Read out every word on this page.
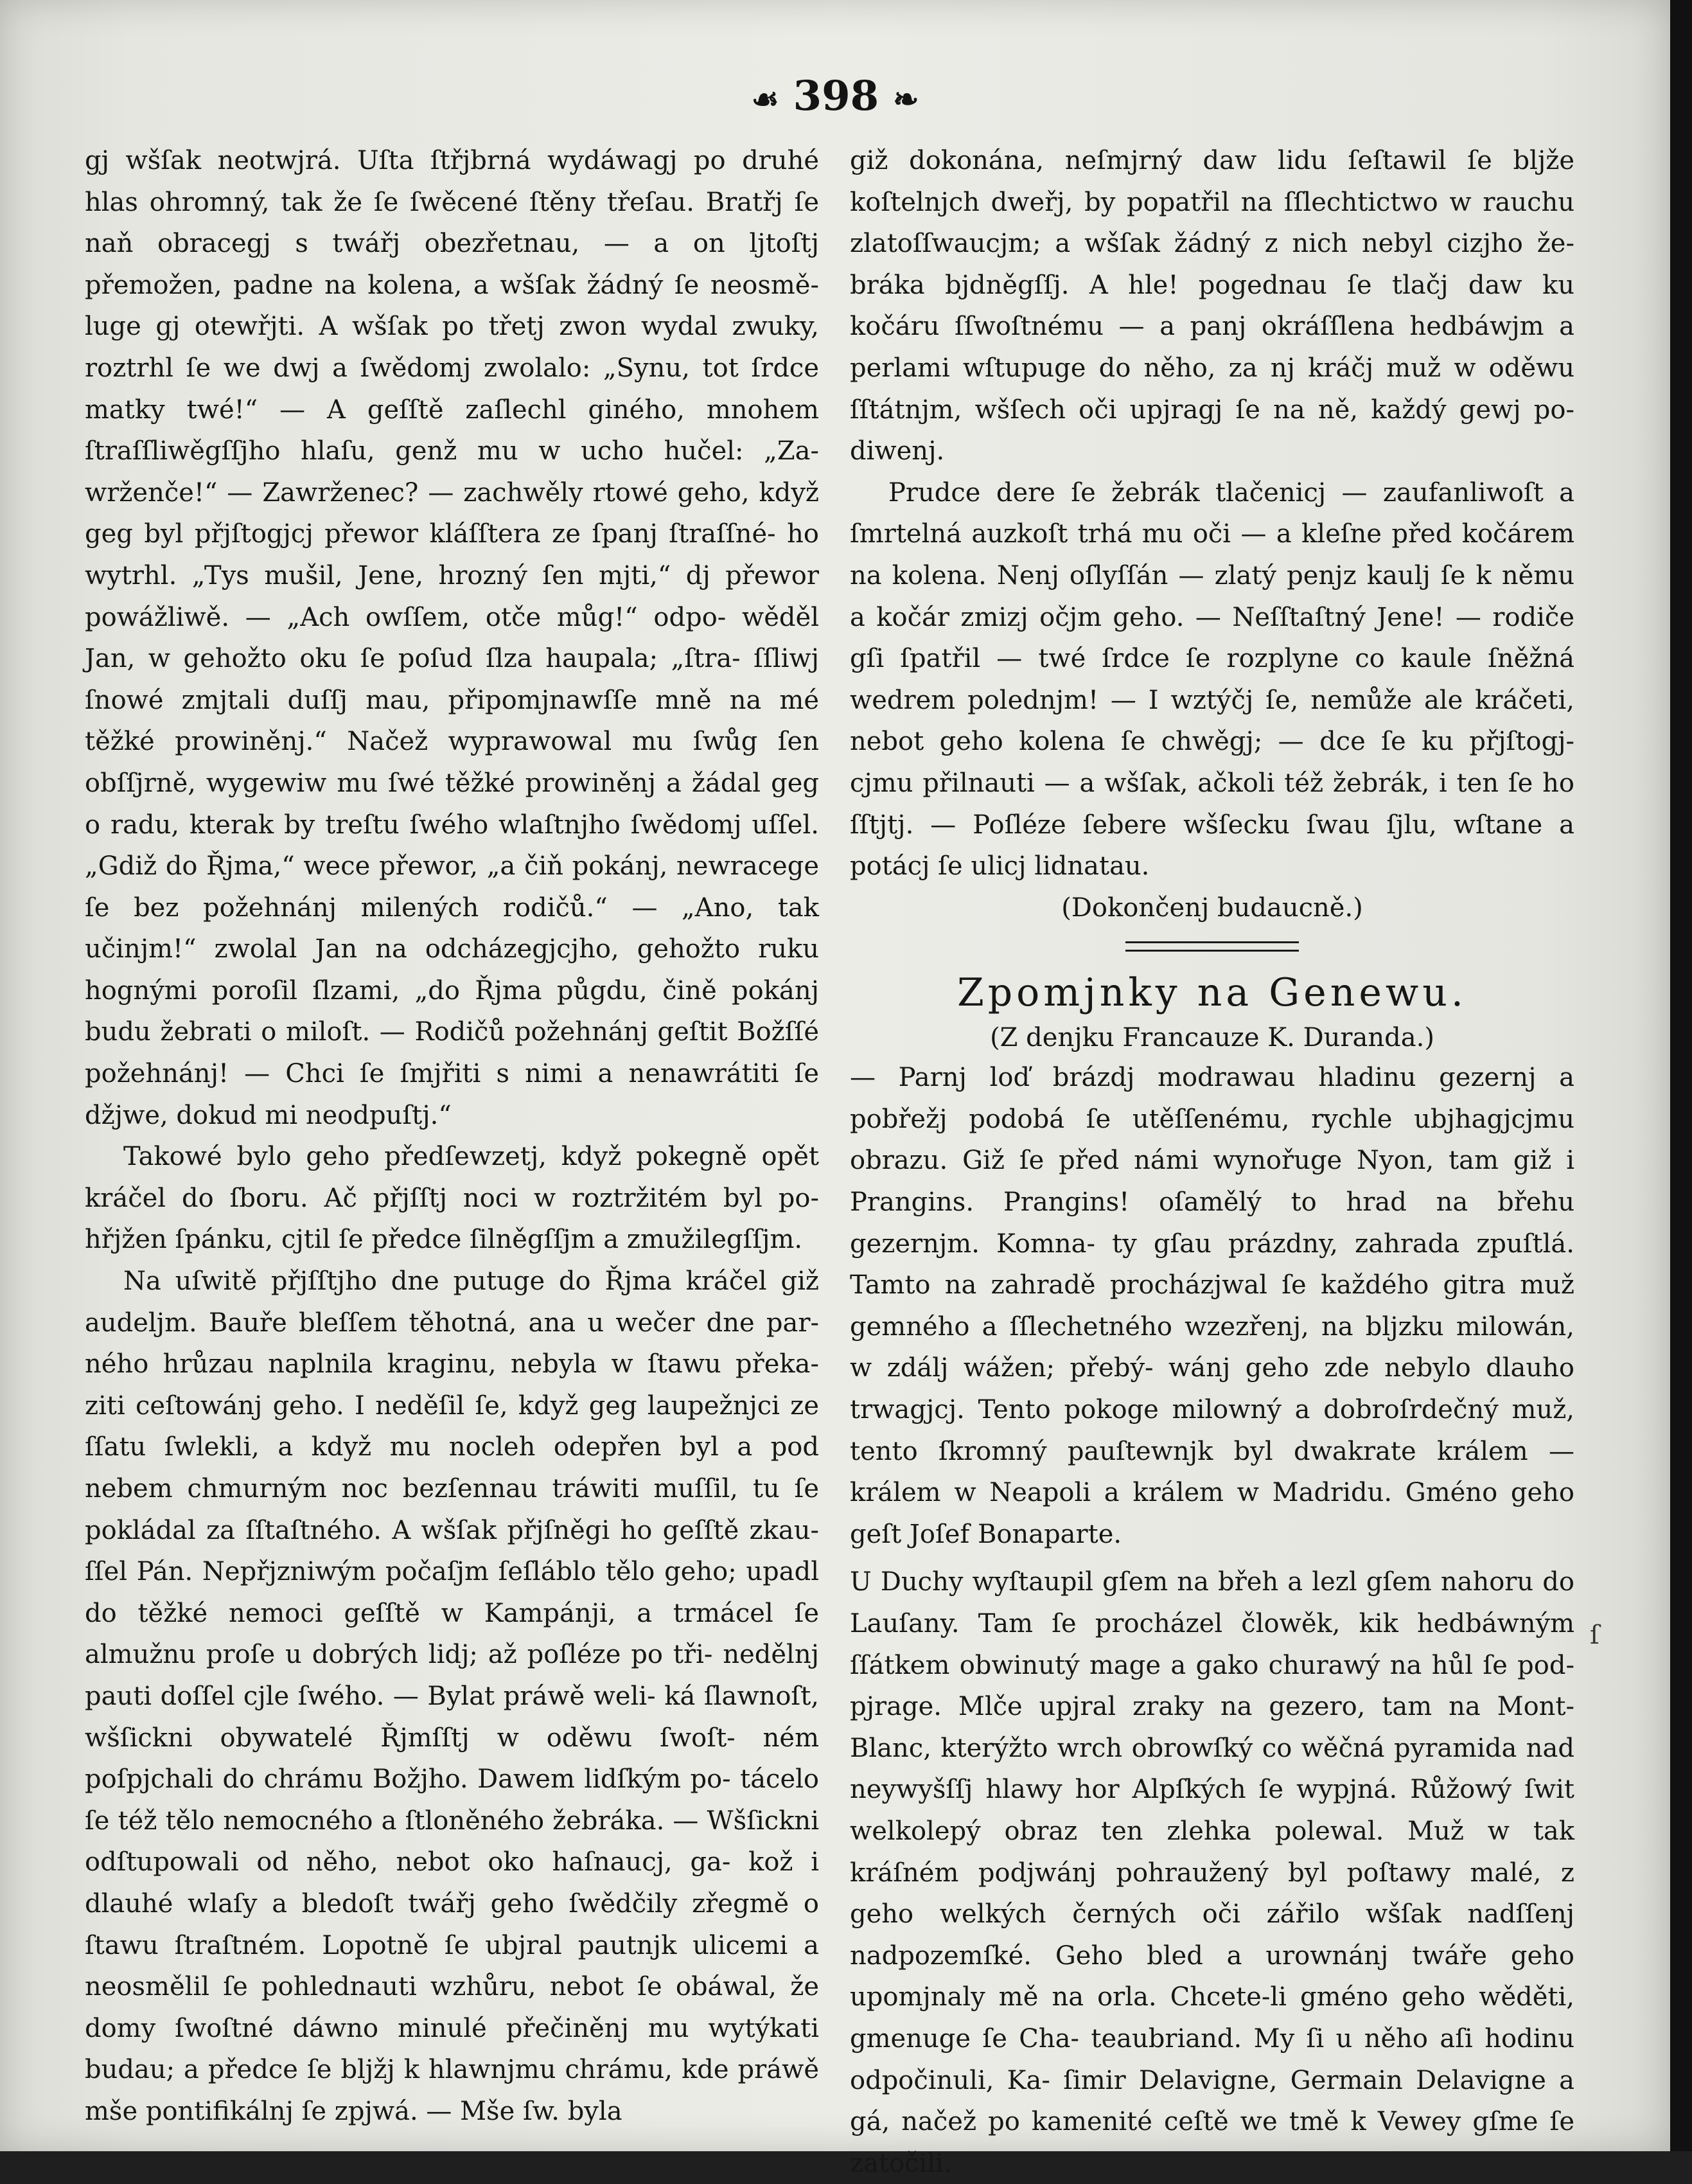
☙ 398 ❧

gj wšſak neotwjrá. Uſta ſtřjbrná wydáwagj po druhé hlas ohromný, tak že ſe ſwěcené ſtěny třeſau. Bratřj ſe naň obracegj s twářj obezřetnau, — a on ljtoſtj přemožen, padne na kolena, a wšſak žádný ſe neosmě- luge gj otewřjti. A wšſak po třetj zwon wydal zwuky, roztrhl ſe we dwj a ſwědomj zwolalo: „Synu, tot ſrdce matky twé!“ — A geſſtě zaſlechl giného, mnohem ſtraſſliwěgſſjho hlaſu, genž mu w ucho hučel: „Za- wrženče!“ — Zawrženec? — zachwěly rtowé geho, když geg byl přjſtogjcj přewor kláſſtera ze ſpanj ſtraſſné- ho wytrhl. „Tys mušil, Jene, hrozný ſen mjti,“ dj přewor powážliwě. — „Ach owſſem, otče můg!“ odpo- wěděl Jan, w gehožto oku ſe poſud ſlza haupala; „ſtra- ſſliwj ſnowé zmjtali duſſj mau, připomjnawſſe mně na mé těžké prowiněnj.“ Načež wyprawowal mu ſwůg ſen obſſjrně, wygewiw mu ſwé těžké prowiněnj a žádal geg o radu, kterak by treſtu ſwého wlaſtnjho ſwědomj uſſel. „Gdiž do Řjma,“ wece přewor, „a čiň pokánj, newracege ſe bez požehnánj milených rodičů.“ — „Ano, tak učinjm!“ zwolal Jan na odcházegjcjho, gehožto ruku hognými poroſil ſlzami, „do Řjma půgdu, čině pokánj budu žebrati o miloſt. — Rodičů požehnánj geſtit Božſſé požehnánj! — Chci ſe ſmjřiti s nimi a nenawrátiti ſe džjwe, dokud mi neodpuſtj.“

Takowé bylo geho předſewzetj, když pokegně opět kráčel do ſboru. Ač přjſſtj noci w roztržitém byl po- hřjžen ſpánku, cjtil ſe předce ſilněgſſjm a zmužilegſſjm.

Na uſwitě přjſſtjho dne putuge do Řjma kráčel giž audeljm. Bauře bleſſem těhotná, ana u wečer dne par- ného hrůzau naplnila kraginu, nebyla w ſtawu překa- ziti ceſtowánj geho. I neděſil ſe, když geg laupežnjci ze ſſatu ſwlekli, a když mu nocleh odepřen byl a pod nebem chmurným noc bezſennau tráwiti muſſil, tu ſe pokládal za ſſtaſtného. A wšſak přjſněgi ho geſſtě zkau- ſſel Pán. Nepřjzniwým počaſjm ſeſláblo tělo geho; upadl do těžké nemoci geſſtě w Kampánji, a trmácel ſe almužnu proſe u dobrých lidj; až poſléze po tři- nedělnj pauti doſſel cjle ſwého. — Bylat práwě weli- ká ſlawnoſt, wšſickni obywatelé Řjmſſtj w oděwu ſwoſt- ném poſpjchali do chrámu Božjho. Dawem lidſkým po- tácelo ſe též tělo nemocného a ſtloněného žebráka. — Wšſickni odſtupowali od něho, nebot oko haſnaucj, ga- kož i dlauhé wlaſy a bledoſt twářj geho ſwědčily zřegmě o ſtawu ſtraſtném. Lopotně ſe ubjral pautnjk ulicemi a neosmělil ſe pohlednauti wzhůru, nebot ſe obáwal, že domy ſwoſtné dáwno minulé přečiněnj mu wytýkati budau; a předce ſe bljžj k hlawnjmu chrámu, kde práwě mše pontifikálnj ſe zpjwá. — Mše ſw. byla

giž dokonána, neſmjrný daw lidu ſeſtawil ſe bljže koſtelnjch dweřj, by popatřil na ſſlechtictwo w rauchu zlatoſſwaucjm; a wšſak žádný z nich nebyl cizjho že- bráka bjdněgſſj. A hle! pogednau ſe tlačj daw ku kočáru ſſwoſtnému — a panj okráſſlena hedbáwjm a perlami wſtupuge do něho, za nj kráčj muž w oděwu ſſtátnjm, wšſech oči upjragj ſe na ně, každý gewj po- diwenj.

Prudce dere ſe žebrák tlačenicj — zaufanliwoſt a ſmrtelná auzkoſt trhá mu oči — a kleſne před kočárem na kolena. Nenj oſlyſſán — zlatý penjz kaulj ſe k němu a kočár zmizj očjm geho. — Neſſtaſtný Jene! — rodiče gſi ſpatřil — twé ſrdce ſe rozplyne co kaule ſněžná wedrem polednjm! — I wztýčj ſe, nemůže ale kráčeti, nebot geho kolena ſe chwěgj; — dce ſe ku přjſtogj- cjmu přilnauti — a wšſak, ačkoli též žebrák, i ten ſe ho ſſtjtj. — Poſléze ſebere wšſecku ſwau ſjlu, wſtane a potácj ſe ulicj lidnatau.

(Dokončenj budaucně.)

Zpomjnky na Genewu.

(Z denjku Francauze K. Duranda.)

— Parnj loď brázdj modrawau hladinu gezernj a pobřežj podobá ſe utěſſenému, rychle ubjhagjcjmu obrazu. Giž ſe před námi wynořuge Nyon, tam giž i Prangins. Prangins! oſamělý to hrad na břehu gezernjm. Komna- ty gſau prázdny, zahrada zpuſtlá. Tamto na zahradě procházjwal ſe každého gitra muž gemného a ſſlechetného wzezřenj, na bljzku milowán, w zdálj wážen; přebý- wánj geho zde nebylo dlauho trwagjcj. Tento pokoge milowný a dobroſrdečný muž, tento ſkromný pauſtewnjk byl dwakrate králem — králem w Neapoli a králem w Madridu. Gméno geho geſt Joſef Bonaparte.

U Duchy wyſtaupil gſem na břeh a lezl gſem nahoru do Lauſany. Tam ſe procházel člowěk, kik hedbáwným ſſátkem obwinutý mage a gako churawý na hůl ſe pod- pjrage. Mlče upjral zraky na gezero, tam na Mont- Blanc, kterýžto wrch obrowſký co wěčná pyramida nad neywyšſſj hlawy hor Alpſkých ſe wypjná. Růžowý ſwit welkolepý obraz ten zlehka polewal. Muž w tak kráſném podjwánj pohraužený byl poſtawy malé, z geho welkých černých oči zářilo wšſak nadſſenj nadpozemſké. Geho bled a urownánj twáře geho upomjnaly mě na orla. Chcete-li gméno geho wěděti, gmenuge ſe Cha- teaubriand. My ſi u něho aſi hodinu odpočinuli, Ka- ſimir Delavigne, Germain Delavigne a gá, načež po kamenité ceſtě we tmě k Vewey gſme ſe zatočili.

ſ
